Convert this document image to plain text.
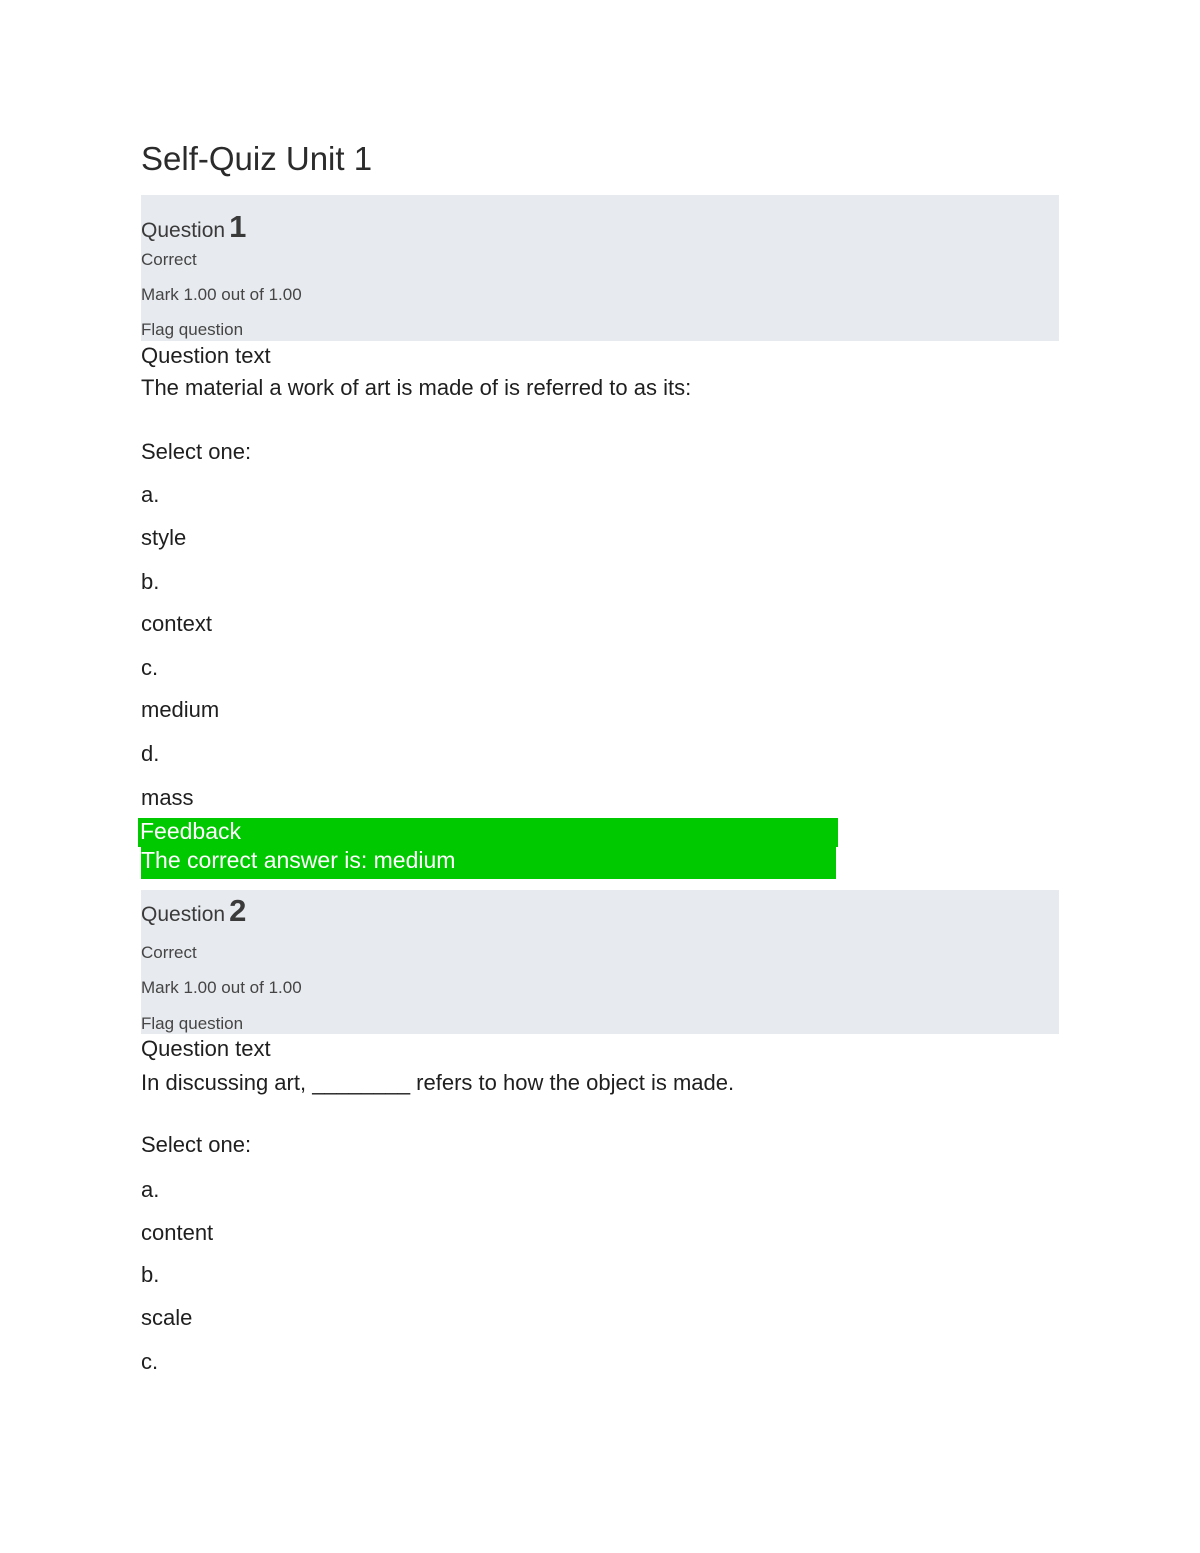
Self-Quiz Unit 1
Question 1
Correct
Mark 1.00 out of 1.00
Flag question
Question text
The material a work of art is made of is referred to as its:
Select one:
a.
style
b.
context
c.
medium
d.
mass
Feedback
The correct answer is: medium
Question 2
Correct
Mark 1.00 out of 1.00
Flag question
Question text
In discussing art, ________ refers to how the object is made.
Select one:
a.
content
b.
scale
c.
